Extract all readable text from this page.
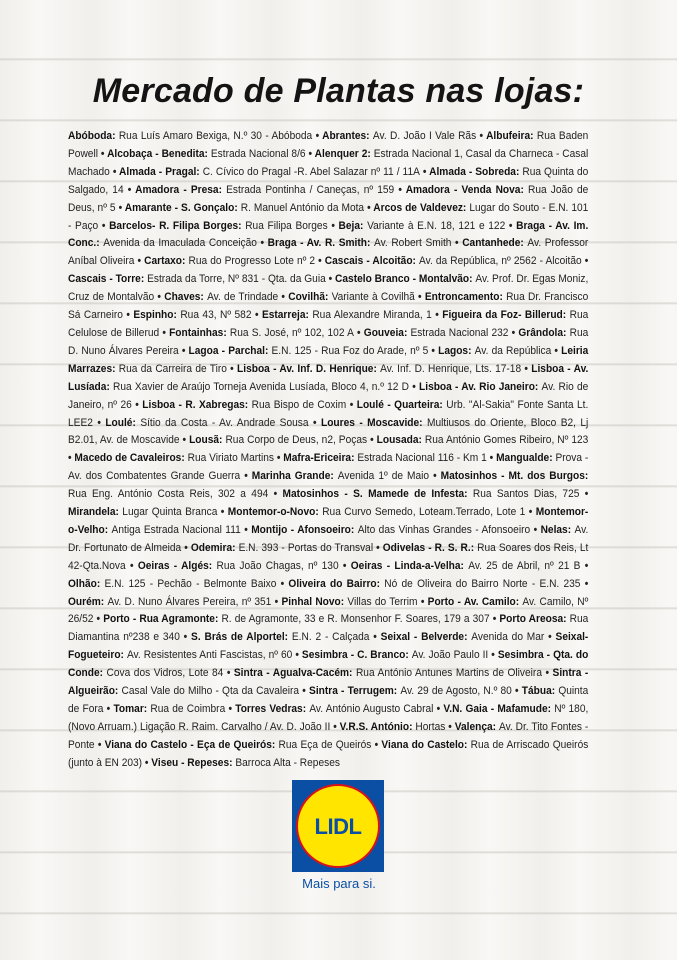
Mercado de Plantas nas lojas:
Abóboda: Rua Luís Amaro Bexiga, N.º 30 - Abóboda • Abrantes: Av. D. João I Vale Rãs • Albufeira: Rua Baden Powell • Alcobaça - Benedita: Estrada Nacional 8/6 • Alenquer 2: Estrada Nacional 1, Casal da Charneca - Casal Machado • Almada - Pragal: C. Cívico do Pragal -R. Abel Salazar nº 11 / 11A • Almada - Sobreda: Rua Quinta do Salgado, 14 • Amadora - Presa: Estrada Pontinha / Caneças, nº 159 • Amadora - Venda Nova: Rua João de Deus, nº 5 • Amarante - S. Gonçalo: R. Manuel António da Mota • Arcos de Valdevez: Lugar do Souto - E.N. 101 - Paço • Barcelos- R. Filipa Borges: Rua Filipa Borges • Beja: Variante à E.N. 18, 121 e 122 • Braga - Av. Im. Conc.: Avenida da Imaculada Conceição • Braga - Av. R. Smith: Av. Robert Smith • Cantanhede: Av. Professor Aníbal Oliveira • Cartaxo: Rua do Progresso Lote nº 2 • Cascais - Alcoitão: Av. da República, nº 2562 - Alcoitão • Cascais - Torre: Estrada da Torre, Nº 831 - Qta. da Guia • Castelo Branco - Montalvão: Av. Prof. Dr. Egas Moniz, Cruz de Montalvão • Chaves: Av. de Trindade • Covilhã: Variante à Covilhã • Entroncamento: Rua Dr. Francisco Sá Carneiro • Espinho: Rua 43, Nº 582 • Estarreja: Rua Alexandre Miranda, 1 • Figueira da Foz- Billerud: Rua Celulose de Billerud • Fontainhas: Rua S. José, nº 102, 102 A • Gouveia: Estrada Nacional 232 • Grândola: Rua D. Nuno Álvares Pereira • Lagoa - Parchal: E.N. 125 - Rua Foz do Arade, nº 5 • Lagos: Av. da República • Leiria Marrazes: Rua da Carreira de Tiro • Lisboa - Av. Inf. D. Henrique: Av. Inf. D. Henrique, Lts. 17-18 • Lisboa - Av. Lusíada: Rua Xavier de Araújo Torneja Avenida Lusíada, Bloco 4, n.º 12 D • Lisboa - Av. Rio Janeiro: Av. Rio de Janeiro, nº 26 • Lisboa - R. Xabregas: Rua Bispo de Coxim • Loulé - Quarteira: Urb. "Al-Sakia" Fonte Santa Lt. LEE2 • Loulé: Sítio da Costa - Av. Andrade Sousa • Loures - Moscavide: Multiusos do Oriente, Bloco B2, Lj B2.01, Av. de Moscavide • Lousã: Rua Corpo de Deus, n2, Poças • Lousada: Rua António Gomes Ribeiro, Nº 123 • Macedo de Cavaleiros: Rua Viriato Martins • Mafra-Ericeira: Estrada Nacional 116 - Km 1 • Mangualde: Prova - Av. dos Combatentes Grande Guerra • Marinha Grande: Avenida 1º de Maio • Matosinhos - Mt. dos Burgos: Rua Eng. António Costa Reis, 302 a 494 • Matosinhos - S. Mamede de Infesta: Rua Santos Dias, 725 • Mirandela: Lugar Quinta Branca • Montemor-o-Novo: Rua Curvo Semedo, Loteam.Terrado, Lote 1 • Montemor-o-Velho: Antiga Estrada Nacional 111 • Montijo - Afonsoeiro: Alto das Vinhas Grandes - Afonsoeiro • Nelas: Av. Dr. Fortunato de Almeida • Odemira: E.N. 393 - Portas do Transval • Odivelas - R. S. R.: Rua Soares dos Reis, Lt 42-Qta.Nova • Oeiras - Algés: Rua João Chagas, nº 130 • Oeiras - Linda-a-Velha: Av. 25 de Abril, nº 21 B • Olhão: E.N. 125 - Pechão - Belmonte Baixo • Oliveira do Bairro: Nó de Oliveira do Bairro Norte - E.N. 235 • Ourém: Av. D. Nuno Álvares Pereira, nº 351 • Pinhal Novo: Villas do Terrim • Porto - Av. Camilo: Av. Camilo, Nº 26/52 • Porto - Rua Agramonte: R. de Agramonte, 33 e R. Monsenhor F. Soares, 179 a 307 • Porto Areosa: Rua Diamantina nº238 e 340 • S. Brás de Alportel: E.N. 2 - Calçada • Seixal - Belverde: Avenida do Mar • Seixal-Fogueteiro: Av. Resistentes Anti Fascistas, nº 60 • Sesimbra - C. Branco: Av. João Paulo II • Sesimbra - Qta. do Conde: Cova dos Vidros, Lote 84 • Sintra - Agualva-Cacém: Rua António Antunes Martins de Oliveira • Sintra - Algueirão: Casal Vale do Milho - Qta da Cavaleira • Sintra - Terrugem: Av. 29 de Agosto, N.º 80 • Tábua: Quinta de Fora • Tomar: Rua de Coimbra • Torres Vedras: Av. António Augusto Cabral • V.N. Gaia - Mafamude: Nº 180, (Novo Arruam.) Ligação R. Raim. Carvalho / Av. D. João II • V.R.S. António: Hortas • Valença: Av. Dr. Tito Fontes - Ponte • Viana do Castelo - Eça de Queirós: Rua Eça de Queirós • Viana do Castelo: Rua de Arriscado Queirós (junto à EN 203) • Viseu - Repeses: Barroca Alta - Repeses
LIDL
Mais para si.
